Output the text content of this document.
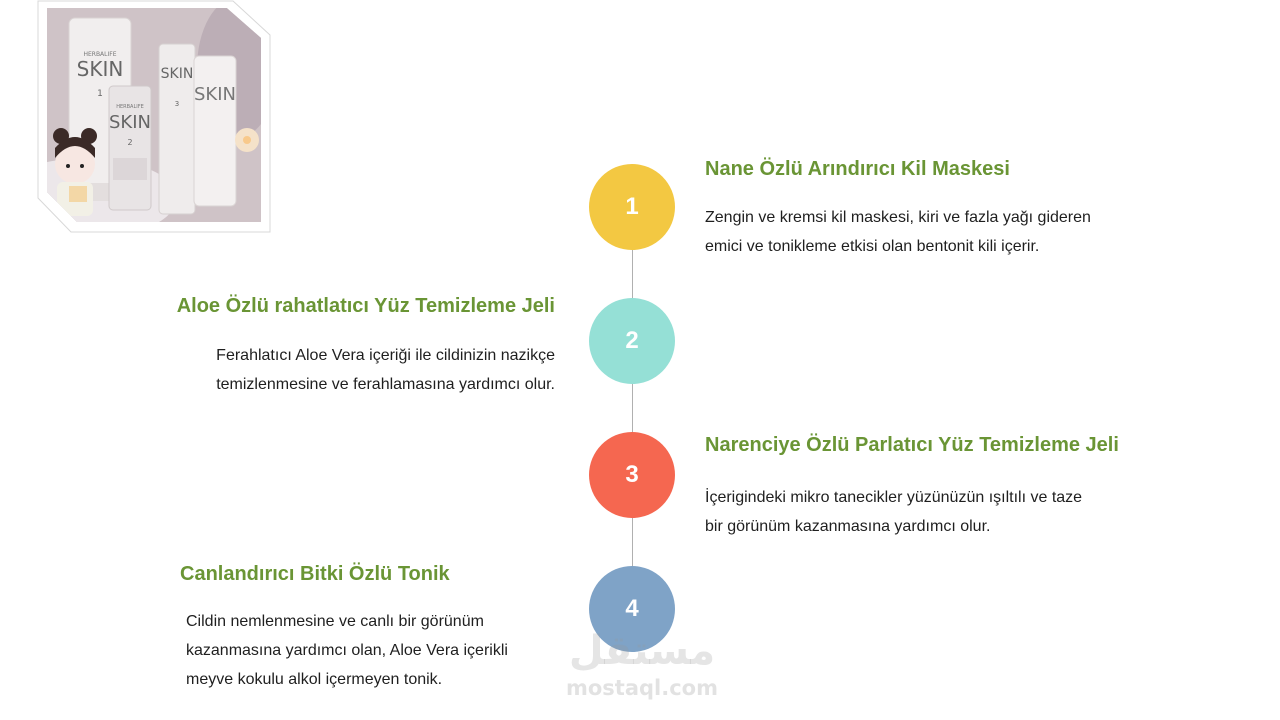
HERBALIFE
SKIN
1
HERBALIFE
SKIN
2
SKIN
3 SKIN
1
2
3
4
Nane Özlü Arındırıcı Kil Maskesi
Zengin ve kremsi kil maskesi, kiri ve fazla yağı gideren emici ve tonikleme etkisi olan bentonit kili içerir.
Aloe Özlü rahatlatıcı Yüz Temizleme Jeli
Ferahlatıcı Aloe Vera içeriği ile cildinizin nazikçe temizlenmesine ve ferahlamasına yardımcı olur.
Narenciye Özlü Parlatıcı Yüz Temizleme Jeli
İçerigindeki mikro tanecikler yüzünüzün ışıltılı ve taze bir görünüm kazanmasına yardımcı olur.
Canlandırıcı Bitki Özlü Tonik
Cildin nemlenmesine ve canlı bir görünüm kazanmasına yardımcı olan, Aloe Vera içerikli meyve kokulu alkol içermeyen tonik.
مستقل
mostaql.com
